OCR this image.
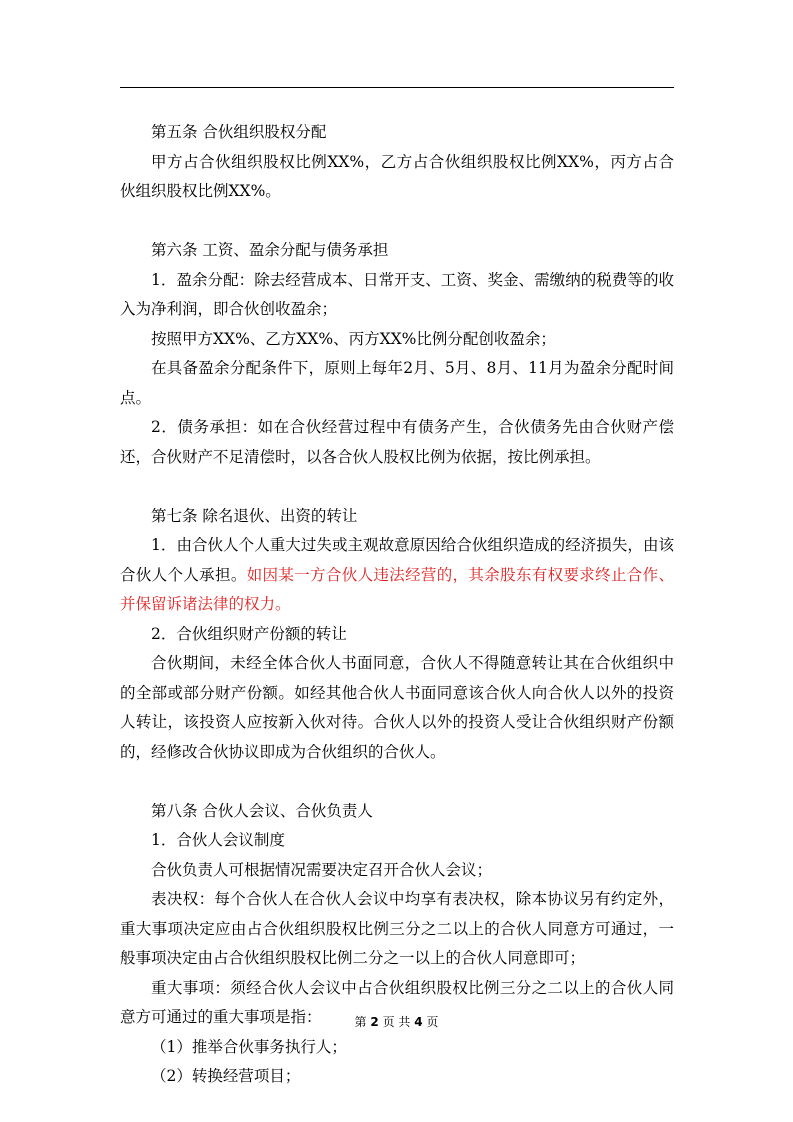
第五条 合伙组织股权分配

甲方占合伙组织股权比例XX%，乙方占合伙组织股权比例XX%，丙方占合伙组织股权比例XX%。

第六条 工资、盈余分配与债务承担

1．盈余分配：除去经营成本、日常开支、工资、奖金、需缴纳的税费等的收入为净利润，即合伙创收盈余；

按照甲方XX%、乙方XX%、丙方XX%比例分配创收盈余；

在具备盈余分配条件下，原则上每年2月、5月、8月、11月为盈余分配时间点。

2．债务承担：如在合伙经营过程中有债务产生，合伙债务先由合伙财产偿还，合伙财产不足清偿时，以各合伙人股权比例为依据，按比例承担。

第七条 除名退伙、出资的转让

1．由合伙人个人重大过失或主观故意原因给合伙组织造成的经济损失，由该合伙人个人承担。如因某一方合伙人违法经营的，其余股东有权要求终止合作、并保留诉诸法律的权力。

2．合伙组织财产份额的转让

合伙期间，未经全体合伙人书面同意，合伙人不得随意转让其在合伙组织中的全部或部分财产份额。如经其他合伙人书面同意该合伙人向合伙人以外的投资人转让，该投资人应按新入伙对待。合伙人以外的投资人受让合伙组织财产份额的，经修改合伙协议即成为合伙组织的合伙人。

第八条 合伙人会议、合伙负责人

1．合伙人会议制度

合伙负责人可根据情况需要决定召开合伙人会议；

表决权：每个合伙人在合伙人会议中均享有表决权，除本协议另有约定外，重大事项决定应由占合伙组织股权比例三分之二以上的合伙人同意方可通过，一般事项决定由占合伙组织股权比例二分之一以上的合伙人同意即可；

重大事项：须经合伙人会议中占合伙组织股权比例三分之二以上的合伙人同意方可通过的重大事项是指：

（1）推举合伙事务执行人；

（2）转换经营项目；

第 2 页 共 4 页
